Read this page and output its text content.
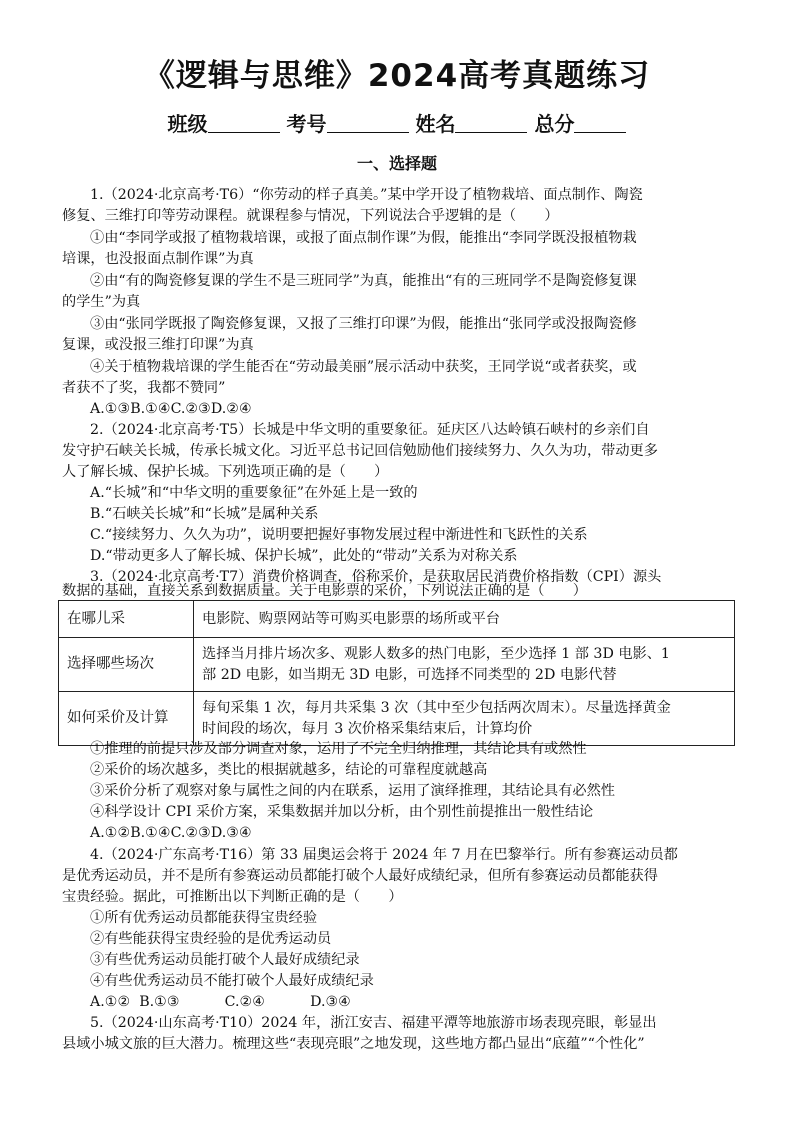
《逻辑与思维》2024高考真题练习
班级	考号	姓名	总分
一、选择题
1.（2024·北京高考·T6）“你劳动的样子真美。”某中学开设了植物栽培、面点制作、陶瓷
修复、三维打印等劳动课程。就课程参与情况，下列说法合乎逻辑的是（　　）
①由“李同学或报了植物栽培课，或报了面点制作课”为假，能推出“李同学既没报植物栽
培课，也没报面点制作课”为真
②由“有的陶瓷修复课的学生不是三班同学”为真，能推出“有的三班同学不是陶瓷修复课
的学生”为真
③由“张同学既报了陶瓷修复课，又报了三维打印课”为假，能推出“张同学或没报陶瓷修
复课，或没报三维打印课”为真
④关于植物栽培课的学生能否在“劳动最美丽”展示活动中获奖，王同学说“或者获奖，或
者获不了奖，我都不赞同”
A.①③B.①④C.②③D.②④
2.（2024·北京高考·T5）长城是中华文明的重要象征。延庆区八达岭镇石峡村的乡亲们自
发守护石峡关长城，传承长城文化。习近平总书记回信勉励他们接续努力、久久为功，带动更多
人了解长城、保护长城。下列选项正确的是（　　）
A.“长城”和“中华文明的重要象征”在外延上是一致的
B.“石峡关长城”和“长城”是属种关系
C.“接续努力、久久为功”，说明要把握好事物发展过程中渐进性和飞跃性的关系
D.“带动更多人了解长城、保护长城”，此处的“带动”关系为对称关系
3.（2024·北京高考·T7）消费价格调查，俗称采价，是获取居民消费价格指数（CPI）源头
数据的基础，直接关系到数据质量。关于电影票的采价，下列说法正确的是（　　）
在哪儿采	电影院、购票网站等可购买电影票的场所或平台
选择哪些场次	选择当月排片场次多、观影人数多的热门电影，至少选择 1 部 3D 电影、1
部 2D 电影，如当期无 3D 电影，可选择不同类型的 2D 电影代替

如何采价及计算	每旬采集 1 次，每月共采集 3 次（其中至少包括两次周末）。尽量选择黄金
时间段的场次，每月 3 次价格采集结束后，计算均价
①推理的前提只涉及部分调查对象，运用了不完全归纳推理，其结论具有或然性
②采价的场次越多，类比的根据就越多，结论的可靠程度就越高
③采价分析了观察对象与属性之间的内在联系，运用了演绎推理，其结论具有必然性
④科学设计 CPI 采价方案，采集数据并加以分析，由个别性前提推出一般性结论
A.①②B.①④C.②③D.③④
4.（2024·广东高考·T16）第 33 届奥运会将于 2024 年 7 月在巴黎举行。所有参赛运动员都
是优秀运动员，并不是所有参赛运动员都能打破个人最好成绩纪录，但所有参赛运动员都能获得
宝贵经验。据此，可推断出以下判断正确的是（　　）
①所有优秀运动员都能获得宝贵经验
②有些能获得宝贵经验的是优秀运动员
③有些优秀运动员能打破个人最好成绩纪录
④有些优秀运动员不能打破个人最好成绩纪录
A.①②  B.①③          C.②④          D.③④
5.（2024·山东高考·T10）2024 年，浙江安吉、福建平潭等地旅游市场表现亮眼，彰显出
县域小城文旅的巨大潜力。梳理这些“表现亮眼”之地发现，这些地方都凸显出“底蕴”“个性化”
